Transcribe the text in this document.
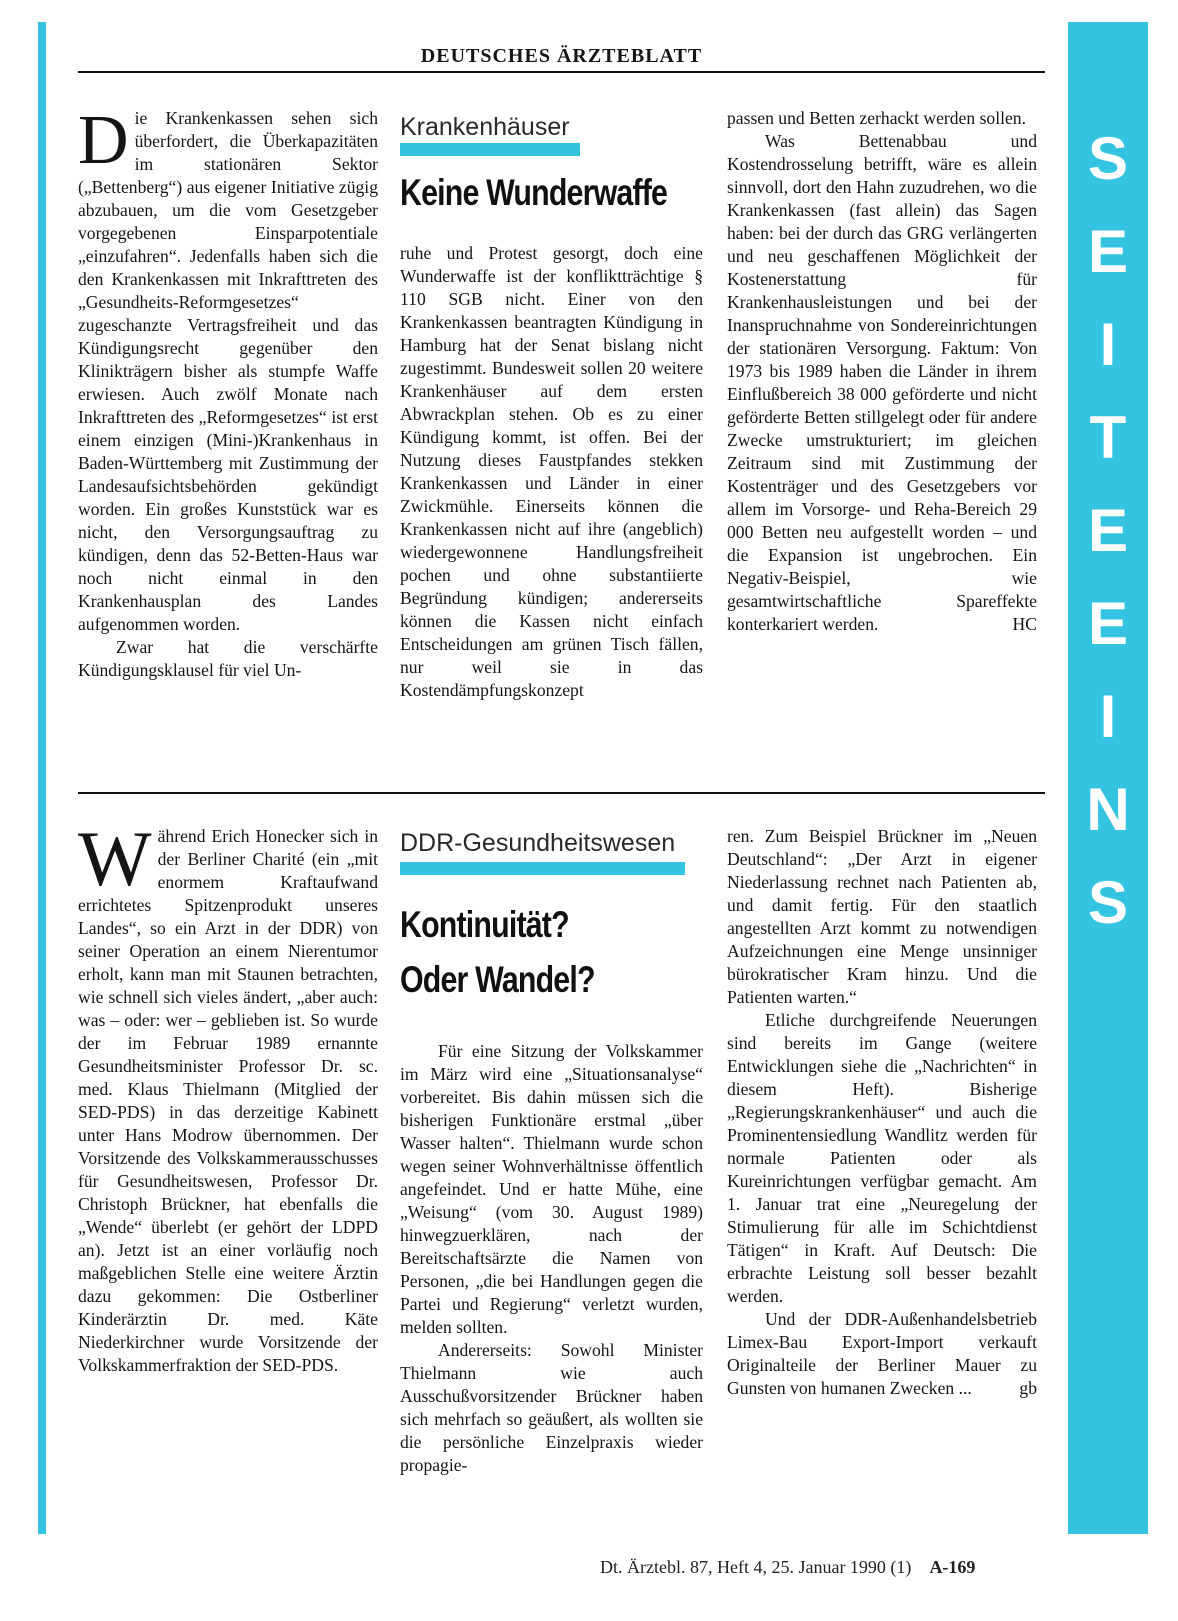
S
E
I
T
E
E
I
N
S
DEUTSCHES ÄRZTEBLATT

Die Krankenkassen sehen sich überfordert, die Überkapazitäten im stationären Sektor („Bettenberg“) aus eigener Initiative zügig abzubauen, um die vom Gesetzgeber vorgegebenen Einsparpotentiale „einzufahren“. Jedenfalls haben sich die den Krankenkassen mit Inkrafttreten des „Gesundheits-Reformgesetzes“ zugeschanzte Vertragsfreiheit und das Kündigungsrecht gegenüber den Klinikträgern bisher als stumpfe Waffe erwiesen. Auch zwölf Monate nach Inkrafttreten des „Reformgesetzes“ ist erst einem einzigen (Mini-)Krankenhaus in Baden-Württemberg mit Zustimmung der Landesaufsichtsbehörden gekündigt worden. Ein großes Kunststück war es nicht, den Versorgungsauftrag zu kündigen, denn das 52-Betten-Haus war noch nicht einmal in den Krankenhausplan des Landes aufgenommen worden.

Zwar hat die verschärfte Kündigungsklausel für viel Un-

Krankenhäuser
Keine Wunderwaffe

ruhe und Protest gesorgt, doch eine Wunderwaffe ist der konfliktträchtige § 110 SGB nicht. Einer von den Krankenkassen beantragten Kündigung in Hamburg hat der Senat bislang nicht zugestimmt. Bundesweit sollen 20 weitere Krankenhäuser auf dem ersten Abwrackplan stehen. Ob es zu einer Kündigung kommt, ist offen. Bei der Nutzung dieses Faustpfandes stekken Krankenkassen und Länder in einer Zwickmühle. Einerseits können die Krankenkassen nicht auf ihre (angeblich) wiedergewonnene Handlungsfreiheit pochen und ohne substantiierte Begründung kündigen; andererseits können die Kassen nicht einfach Entscheidungen am grünen Tisch fällen, nur weil sie in das Kostendämpfungskonzept

passen und Betten zerhackt werden sollen.

Was Bettenabbau und Kostendrosselung betrifft, wäre es allein sinnvoll, dort den Hahn zuzudrehen, wo die Krankenkassen (fast allein) das Sagen haben: bei der durch das GRG verlängerten und neu geschaffenen Möglichkeit der Kostenerstattung für Krankenhausleistungen und bei der Inanspruchnahme von Sondereinrichtungen der stationären Versorgung. Faktum: Von 1973 bis 1989 haben die Länder in ihrem Einflußbereich 38 000 geförderte und nicht geförderte Betten stillgelegt oder für andere Zwecke umstrukturiert; im gleichen Zeitraum sind mit Zustimmung der Kostenträger und des Gesetzgebers vor allem im Vorsorge- und Reha-Bereich 29 000 Betten neu aufgestellt worden – und die Expansion ist ungebrochen. Ein Negativ-Beispiel, wie gesamtwirtschaftliche Spareffekte konterkariert werden.	HC

Während Erich Honecker sich in der Berliner Charité (ein „mit enormem Kraftaufwand errichtetes Spitzenprodukt unseres Landes“, so ein Arzt in der DDR) von seiner Operation an einem Nierentumor erholt, kann man mit Staunen betrachten, wie schnell sich vieles ändert, „aber auch: was – oder: wer – geblieben ist. So wurde der im Februar 1989 ernannte Gesundheitsminister Professor Dr. sc. med. Klaus Thielmann (Mitglied der SED-PDS) in das derzeitige Kabinett unter Hans Modrow übernommen. Der Vorsitzende des Volkskammerausschusses für Gesundheitswesen, Professor Dr. Christoph Brückner, hat ebenfalls die „Wende“ überlebt (er gehört der LDPD an). Jetzt ist an einer vorläufig noch maßgeblichen Stelle eine weitere Ärztin dazu gekommen: Die Ostberliner Kinderärztin Dr. med. Käte Niederkirchner wurde Vorsitzende der Volkskammerfraktion der SED-PDS.

DDR-Gesundheitswesen
Kontinuität?
Oder Wandel?

Für eine Sitzung der Volkskammer im März wird eine „Situationsanalyse“ vorbereitet. Bis dahin müssen sich die bisherigen Funktionäre erstmal „über Wasser halten“. Thielmann wurde schon wegen seiner Wohnverhältnisse öffentlich angefeindet. Und er hatte Mühe, eine „Weisung“ (vom 30. August 1989) hinwegzuerklären, nach der Bereitschaftsärzte die Namen von Personen, „die bei Handlungen gegen die Partei und Regierung“ verletzt wurden, melden sollten.

Andererseits: Sowohl Minister Thielmann wie auch Ausschußvorsitzender Brückner haben sich mehrfach so geäußert, als wollten sie die persönliche Einzelpraxis wieder propagie-

ren. Zum Beispiel Brückner im „Neuen Deutschland“: „Der Arzt in eigener Niederlassung rechnet nach Patienten ab, und damit fertig. Für den staatlich angestellten Arzt kommt zu notwendigen Aufzeichnungen eine Menge unsinniger bürokratischer Kram hinzu. Und die Patienten warten.“

Etliche durchgreifende Neuerungen sind bereits im Gange (weitere Entwicklungen siehe die „Nachrichten“ in diesem Heft). Bisherige „Regierungskrankenhäuser“ und auch die Prominentensiedlung Wandlitz werden für normale Patienten oder als Kureinrichtungen verfügbar gemacht. Am 1. Januar trat eine „Neuregelung der Stimulierung für alle im Schichtdienst Tätigen“ in Kraft. Auf Deutsch: Die erbrachte Leistung soll besser bezahlt werden.

Und der DDR-Außenhandelsbetrieb Limex-Bau Export-Import verkauft Originalteile der Berliner Mauer zu Gunsten von humanen Zwecken ...	gb

Dt. Ärztebl. 87, Heft 4, 25. Januar 1990 (1) A-169
